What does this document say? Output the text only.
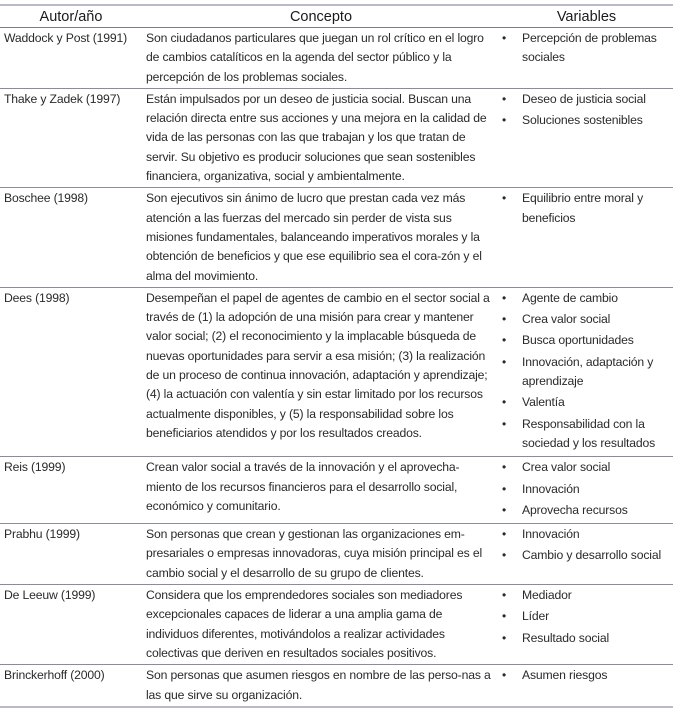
Autor/año	Concepto	Variables
Waddock y Post (1991)	Son ciudadanos particulares que juegan un rol crítico en el logro de cambios catalíticos en la agenda del sector público y la percepción de los problemas sociales.	
• Percepción de problemas sociales

Thake y Zadek (1997)	Están impulsados por un deseo de justicia social. Buscan una relación directa entre sus acciones y una mejora en la calidad de vida de las personas con las que trabajan y los que tratan de servir. Su objetivo es producir soluciones que sean sostenibles financiera, organizativa, social y ambientalmente.	
• Deseo de justicia social
• Soluciones sostenibles

Boschee (1998)	Son ejecutivos sin ánimo de lucro que prestan cada vez más atención a las fuerzas del mercado sin perder de vista sus misiones fundamentales, balanceando imperativos morales y la obtención de beneficios y que ese equilibrio sea el cora-zón y el alma del movimiento.	
• Equilibrio entre moral y beneficios

Dees (1998)	Desempeñan el papel de agentes de cambio en el sector social a través de (1) la adopción de una misión para crear y mantener valor social; (2) el reconocimiento y la implacable búsqueda de nuevas oportunidades para servir a esa misión; (3) la realización de un proceso de continua innovación, adaptación y aprendizaje; (4) la actuación con valentía y sin estar limitado por los recursos actualmente disponibles, y (5) la responsabilidad sobre los beneficiarios atendidos y por los resultados creados.	
• Agente de cambio
• Crea valor social
• Busca oportunidades
• Innovación, adaptación y aprendizaje
• Valentía
• Responsabilidad con la sociedad y los resultados

Reis (1999)	Crean valor social a través de la innovación y el aprovecha-miento de los recursos financieros para el desarrollo social, económico y comunitario.	
• Crea valor social
• Innovación
• Aprovecha recursos

Prabhu (1999)	Son personas que crean y gestionan las organizaciones em-presariales o empresas innovadoras, cuya misión principal es el cambio social y el desarrollo de su grupo de clientes.	
• Innovación
• Cambio y desarrollo social

De Leeuw (1999)	Considera que los emprendedores sociales son mediadores excepcionales capaces de liderar a una amplia gama de individuos diferentes, motivándolos a realizar actividades colectivas que deriven en resultados sociales positivos.	
• Mediador
• Líder
• Resultado social

Brinckerhoff (2000)	Son personas que asumen riesgos en nombre de las perso-nas a las que sirve su organización.	
• Asumen riesgos
